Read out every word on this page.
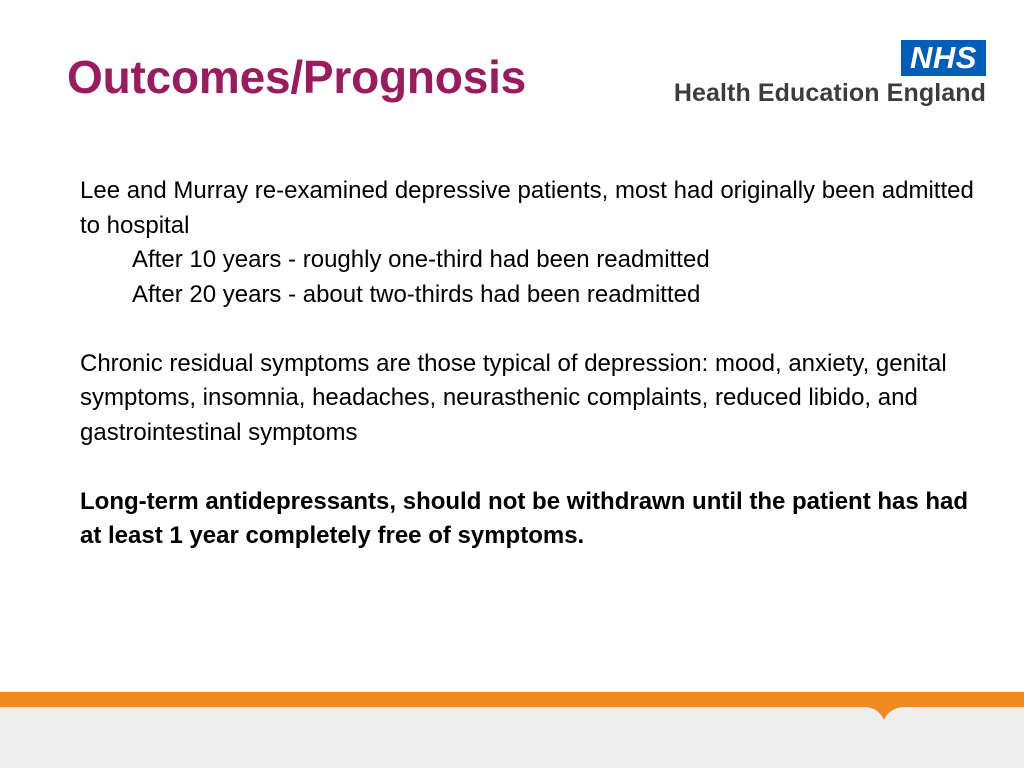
Outcomes/Prognosis	NHS
Health Education England

Lee and Murray re-examined depressive patients, most had originally been admitted to hospital

After 10 years - roughly one-third had been readmitted

After 20 years - about two-thirds had been readmitted

Chronic residual symptoms are those typical of depression: mood, anxiety, genital symptoms, insomnia, headaches, neurasthenic complaints, reduced libido, and gastrointestinal symptoms

Long-term antidepressants, should not be withdrawn until the patient has had at least 1 year completely free of symptoms.
